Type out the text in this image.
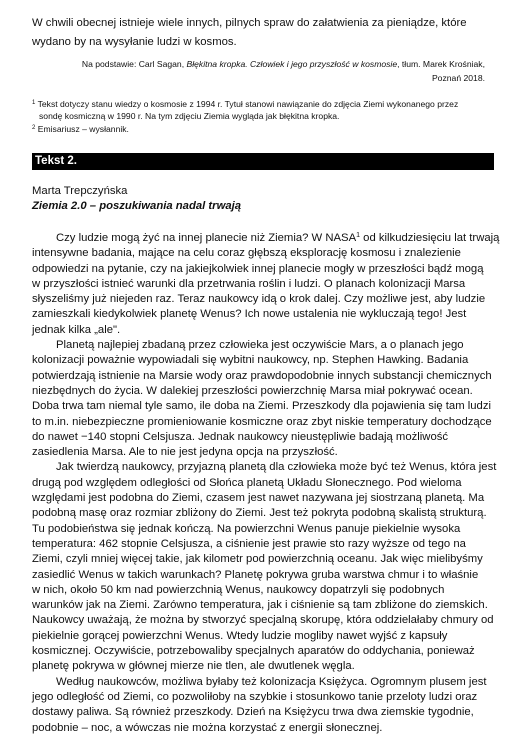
W chwili obecnej istnieje wiele innych, pilnych spraw do załatwienia za pieniądze, które
wydano by na wysyłanie ludzi w kosmos.
Na podstawie: Carl Sagan, Błękitna kropka. Człowiek i jego przyszłość w kosmosie, tłum. Marek Krośniak,
Poznań 2018.
$^1$ Tekst dotyczy stanu wiedzy o kosmosie z 1994 r. Tytuł stanowi nawiązanie do zdjęcia Ziemi wykonanego przez
sondę kosmiczną w 1990 r. Na tym zdjęciu Ziemia wygląda jak błękitna kropka.
$^2$ Emisariusz – wysłannik.
Tekst 2.
Marta Trepczyńska
Ziemia 2.0 – poszukiwania nadal trwają
Czy ludzie mogą żyć na innej planecie niż Ziemia? W NASA$^1$ od kilkudziesięciu lat trwają
intensywne badania, mające na celu coraz głębszą eksplorację kosmosu i znalezienie
odpowiedzi na pytanie, czy na jakiejkolwiek innej planecie mogły w przeszłości bądź mogą
w przyszłości istnieć warunki dla przetrwania roślin i ludzi. O planach kolonizacji Marsa
słyszeliśmy już niejeden raz. Teraz naukowcy idą o krok dalej. Czy możliwe jest, aby ludzie
zamieszkali kiedykolwiek planetę Wenus? Ich nowe ustalenia nie wykluczają tego! Jest
jednak kilka „ale".
Planetą najlepiej zbadaną przez człowieka jest oczywiście Mars, a o planach jego
kolonizacji poważnie wypowiadali się wybitni naukowcy, np. Stephen Hawking. Badania
potwierdzają istnienie na Marsie wody oraz prawdopodobnie innych substancji chemicznych
niezbędnych do życia. W dalekiej przeszłości powierzchnię Marsa miał pokrywać ocean.
Doba trwa tam niemal tyle samo, ile doba na Ziemi. Przeszkody dla pojawienia się tam ludzi
to m.in. niebezpieczne promieniowanie kosmiczne oraz zbyt niskie temperatury dochodzące
do nawet −140 stopni Celsjusza. Jednak naukowcy nieustępliwie badają możliwość
zasiedlenia Marsa. Ale to nie jest jedyna opcja na przyszłość.
Jak twierdzą naukowcy, przyjazną planetą dla człowieka może być też Wenus, która jest
drugą pod względem odległości od Słońca planetą Układu Słonecznego. Pod wieloma
względami jest podobna do Ziemi, czasem jest nawet nazywana jej siostrzaną planetą. Ma
podobną masę oraz rozmiar zbliżony do Ziemi. Jest też pokryta podobną skalistą strukturą.
Tu podobieństwa się jednak kończą. Na powierzchni Wenus panuje piekielnie wysoka
temperatura: 462 stopnie Celsjusza, a ciśnienie jest prawie sto razy wyższe od tego na
Ziemi, czyli mniej więcej takie, jak kilometr pod powierzchnią oceanu. Jak więc mielibyśmy
zasiedlić Wenus w takich warunkach? Planetę pokrywa gruba warstwa chmur i to właśnie
w nich, około 50 km nad powierzchnią Wenus, naukowcy dopatrzyli się podobnych
warunków jak na Ziemi. Zarówno temperatura, jak i ciśnienie są tam zbliżone do ziemskich.
Naukowcy uważają, że można by stworzyć specjalną skorupę, która oddzielałaby chmury od
piekielnie gorącej powierzchni Wenus. Wtedy ludzie mogliby nawet wyjść z kapsuły
kosmicznej. Oczywiście, potrzebowaliby specjalnych aparatów do oddychania, ponieważ
planetę pokrywa w głównej mierze nie tlen, ale dwutlenek węgla.
Według naukowców, możliwa byłaby też kolonizacja Księżyca. Ogromnym plusem jest
jego odległość od Ziemi, co pozwoliłoby na szybkie i stosunkowo tanie przeloty ludzi oraz
dostawy paliwa. Są również przeszkody. Dzień na Księżycu trwa dwa ziemskie tygodnie,
podobnie – noc, a wówczas nie można korzystać z energii słonecznej.
